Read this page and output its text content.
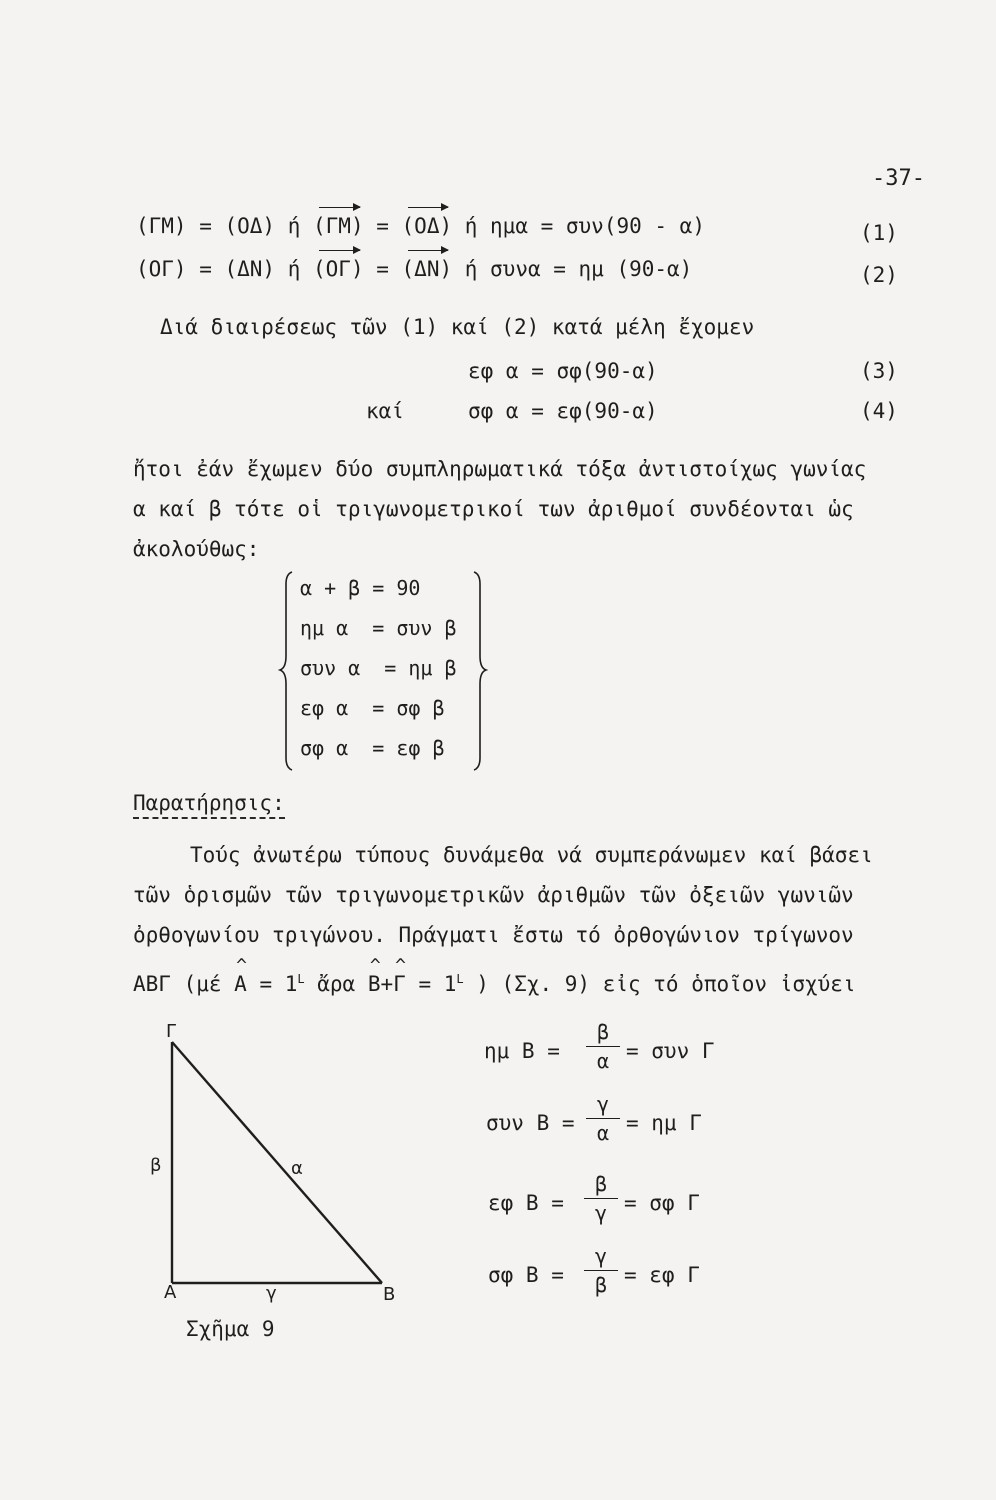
-37-
(ΓΜ) = (ΟΔ) ή (ΓΜ) = (ΟΔ) ή ημα = συν(90 - α)	(1)
(ΟΓ) = (ΔΝ) ή (ΟΓ) = (ΔΝ) ή συνα = ημ (90-α)	(2)
Διά διαιρέσεως τῶν (1) καί (2) κατά μέλη ἔχομεν
εφ α = σφ(90-α)	(3)
καί	σφ α = εφ(90-α)	(4)
ἤτοι ἐάν ἔχωμεν δύο συμπληρωματικά τόξα ἀντιστοίχως γωνίας
α καί β τότε οἱ τριγωνομετρικοί των ἀριθμοί συνδέονται ὡς
ἀκολούθως:
α + β = 90
ημ α  = συν β
συν α  = ημ β
εφ α  = σφ β
σφ α  = εφ β
Παρατήρησις:
Τούς ἀνωτέρω τύπους δυνάμεθα νά συμπεράνωμεν καί βάσει
τῶν ὁρισμῶν τῶν τριγωνομετρικῶν ἀριθμῶν τῶν ὀξειῶν γωνιῶν
ὀρθογωνίου τριγώνου. Πράγματι ἔστω τό ὀρθογώνιον τρίγωνον
ΑΒΓ (μέ ^ $A = 1^L$ ἄρα ^ Β+^ $\Gamma = 1^L$ ) (Σχ. 9) εἰς τό ὁποῖον ἰσχύει
Γ
β	α
Α	γ	Β
Σχῆμα 9
ημ $B = \frac{\beta}{\alpha} = \sigma\upsilon\nu$ Γ
συν $B = \frac{\gamma}{\alpha} = \eta\mu$ Γ
εφ $B = \frac{\beta}{\gamma} = \sigma\varphi$ Γ
σφ $B = \frac{\gamma}{\beta} = \varepsilon\varphi$ Γ
